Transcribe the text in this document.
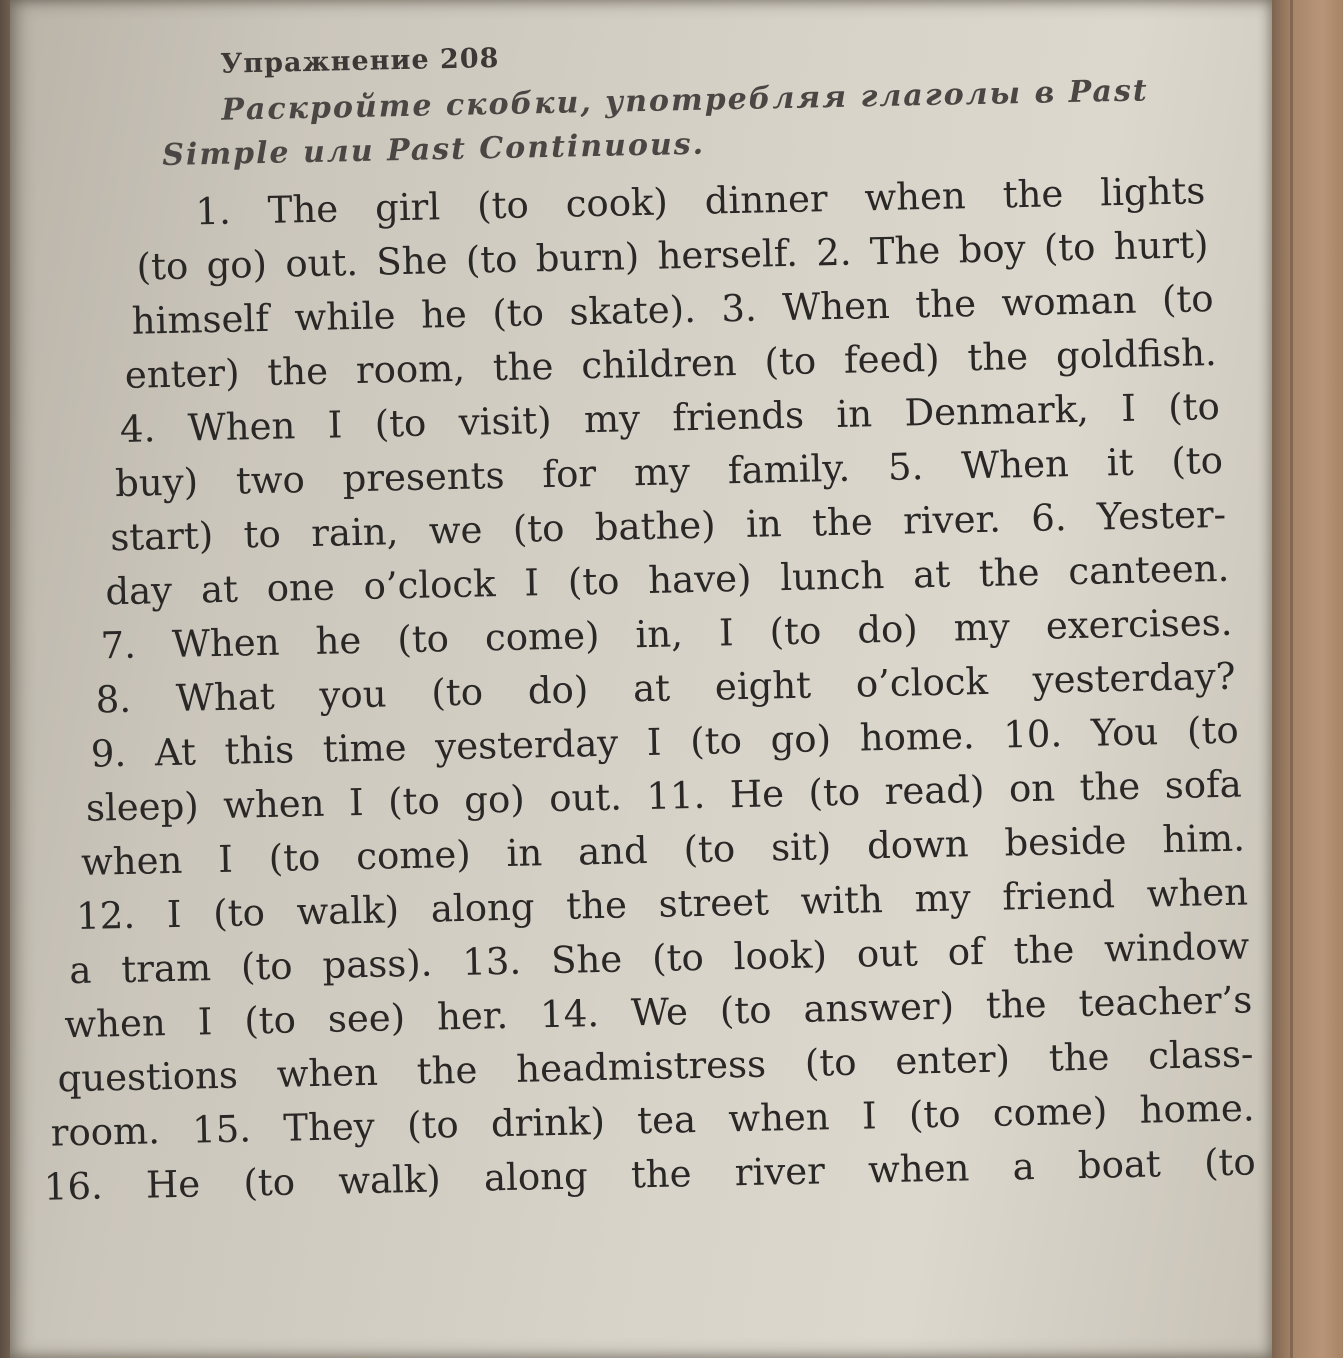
Упражнение 208
Раскройте скобки, употребляя глаголы в Past
Simple или Past Continuous.
1. The girl (to cook) dinner when the lights
(to go) out. She (to burn) herself. 2. The boy (to hurt)
himself while he (to skate). 3. When the woman (to
enter) the room, the children (to feed) the goldfish.
4. When I (to visit) my friends in Denmark, I (to
buy) two presents for my family. 5. When it (to
start) to rain, we (to bathe) in the river. 6. Yester-
day at one o’clock I (to have) lunch at the canteen.
7. When he (to come) in, I (to do) my exercises.
8. What you (to do) at eight o’clock yesterday?
9. At this time yesterday I (to go) home. 10. You (to
sleep) when I (to go) out. 11. He (to read) on the sofa
when I (to come) in and (to sit) down beside him.
12. I (to walk) along the street with my friend when
a tram (to pass). 13. She (to look) out of the window
when I (to see) her. 14. We (to answer) the teacher’s
questions when the headmistress (to enter) the class-
room. 15. They (to drink) tea when I (to come) home.
16. He (to walk) along the river when a boat (to
